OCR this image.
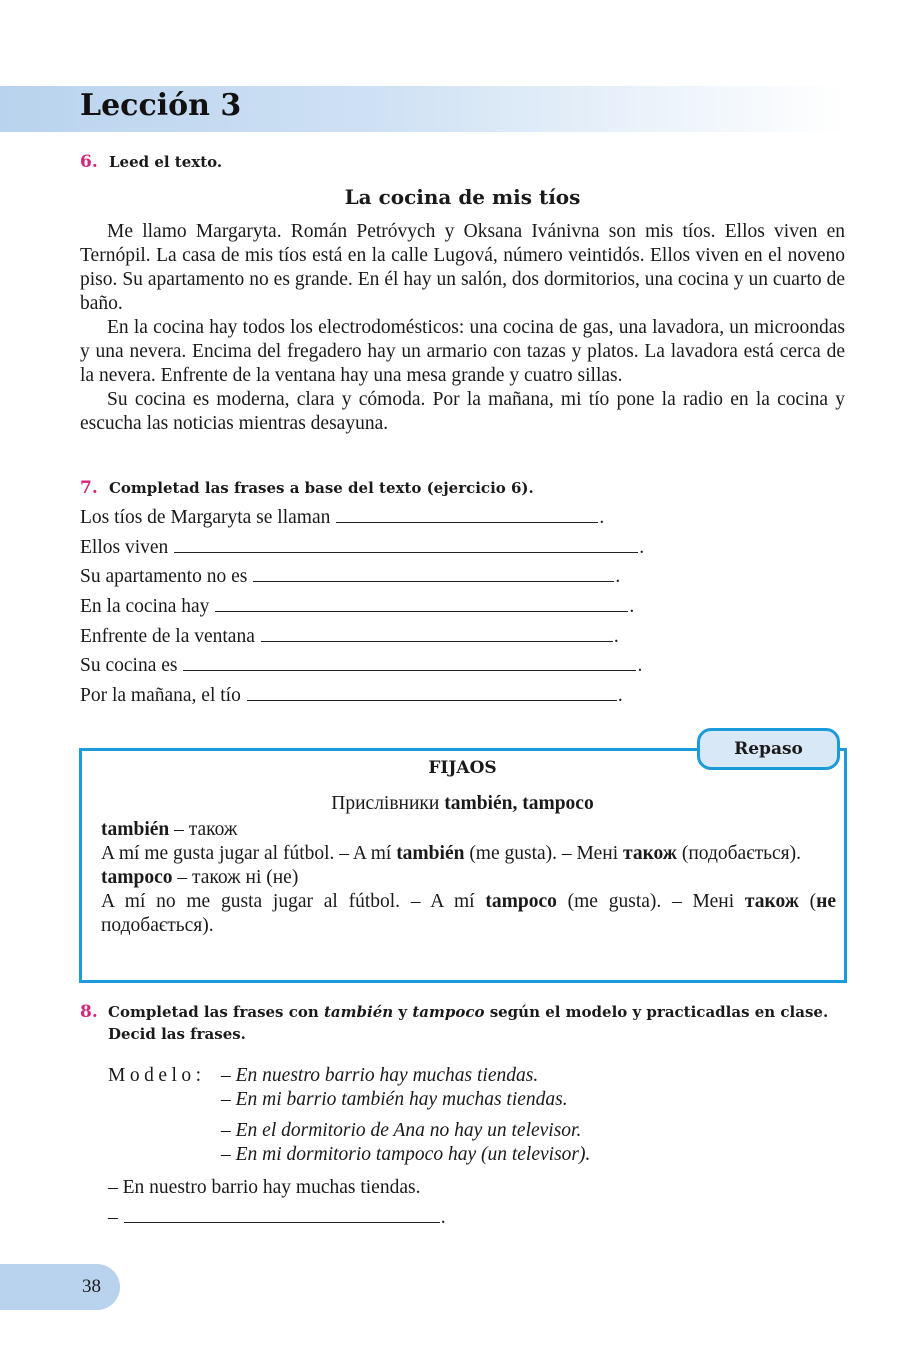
Lección 3
6. Leed el texto.
La cocina de mis tíos

Me llamo Margaryta. Román Petróvych y Oksana Ivánivna son mis tíos. Ellos viven en Ternópil. La casa de mis tíos está en la calle Lugová, número veintidós. Ellos viven en el noveno piso. Su apartamento no es grande. En él hay un salón, dos dormitorios, una cocina y un cuarto de baño.

En la cocina hay todos los electrodomésticos: una cocina de gas, una lavadora, un microondas y una nevera. Encima del fregadero hay un armario con tazas y platos. La lavadora está cerca de la nevera. Enfrente de la ventana hay una mesa grande y cuatro sillas.

Su cocina es moderna, clara y cómoda. Por la mañana, mi tío pone la radio en la cocina y escucha las noticias mientras desayuna.

7. Completad las frases a base del texto (ejercicio 6).
Los tíos de Margaryta se llaman	.
Ellos viven	.
Su apartamento no es	.
En la cocina hay	.
Enfrente de la ventana	.
Su cocina es	.
Por la mañana, el tío	.
Repaso
FIJAOS
Прислівники también, tampoco

también – також

A mí me gusta jugar al fútbol. – A mí también (me gusta). – Мені також (подобається).

tampoco – також ні (не)

A mí no me gusta jugar al fútbol. – A mí tampoco (me gusta). – Мені також (не подобається).

8. Completad las frases con también y tampoco según el modelo y practicadlas en clase. Decid las frases.
Modelo: – En nuestro barrio hay muchas tiendas.
– En mi barrio también hay muchas tiendas.
– En el dormitorio de Ana no hay un televisor.
– En mi dormitorio tampoco hay (un televisor).
– En nuestro barrio hay muchas tiendas.
–	.
38
